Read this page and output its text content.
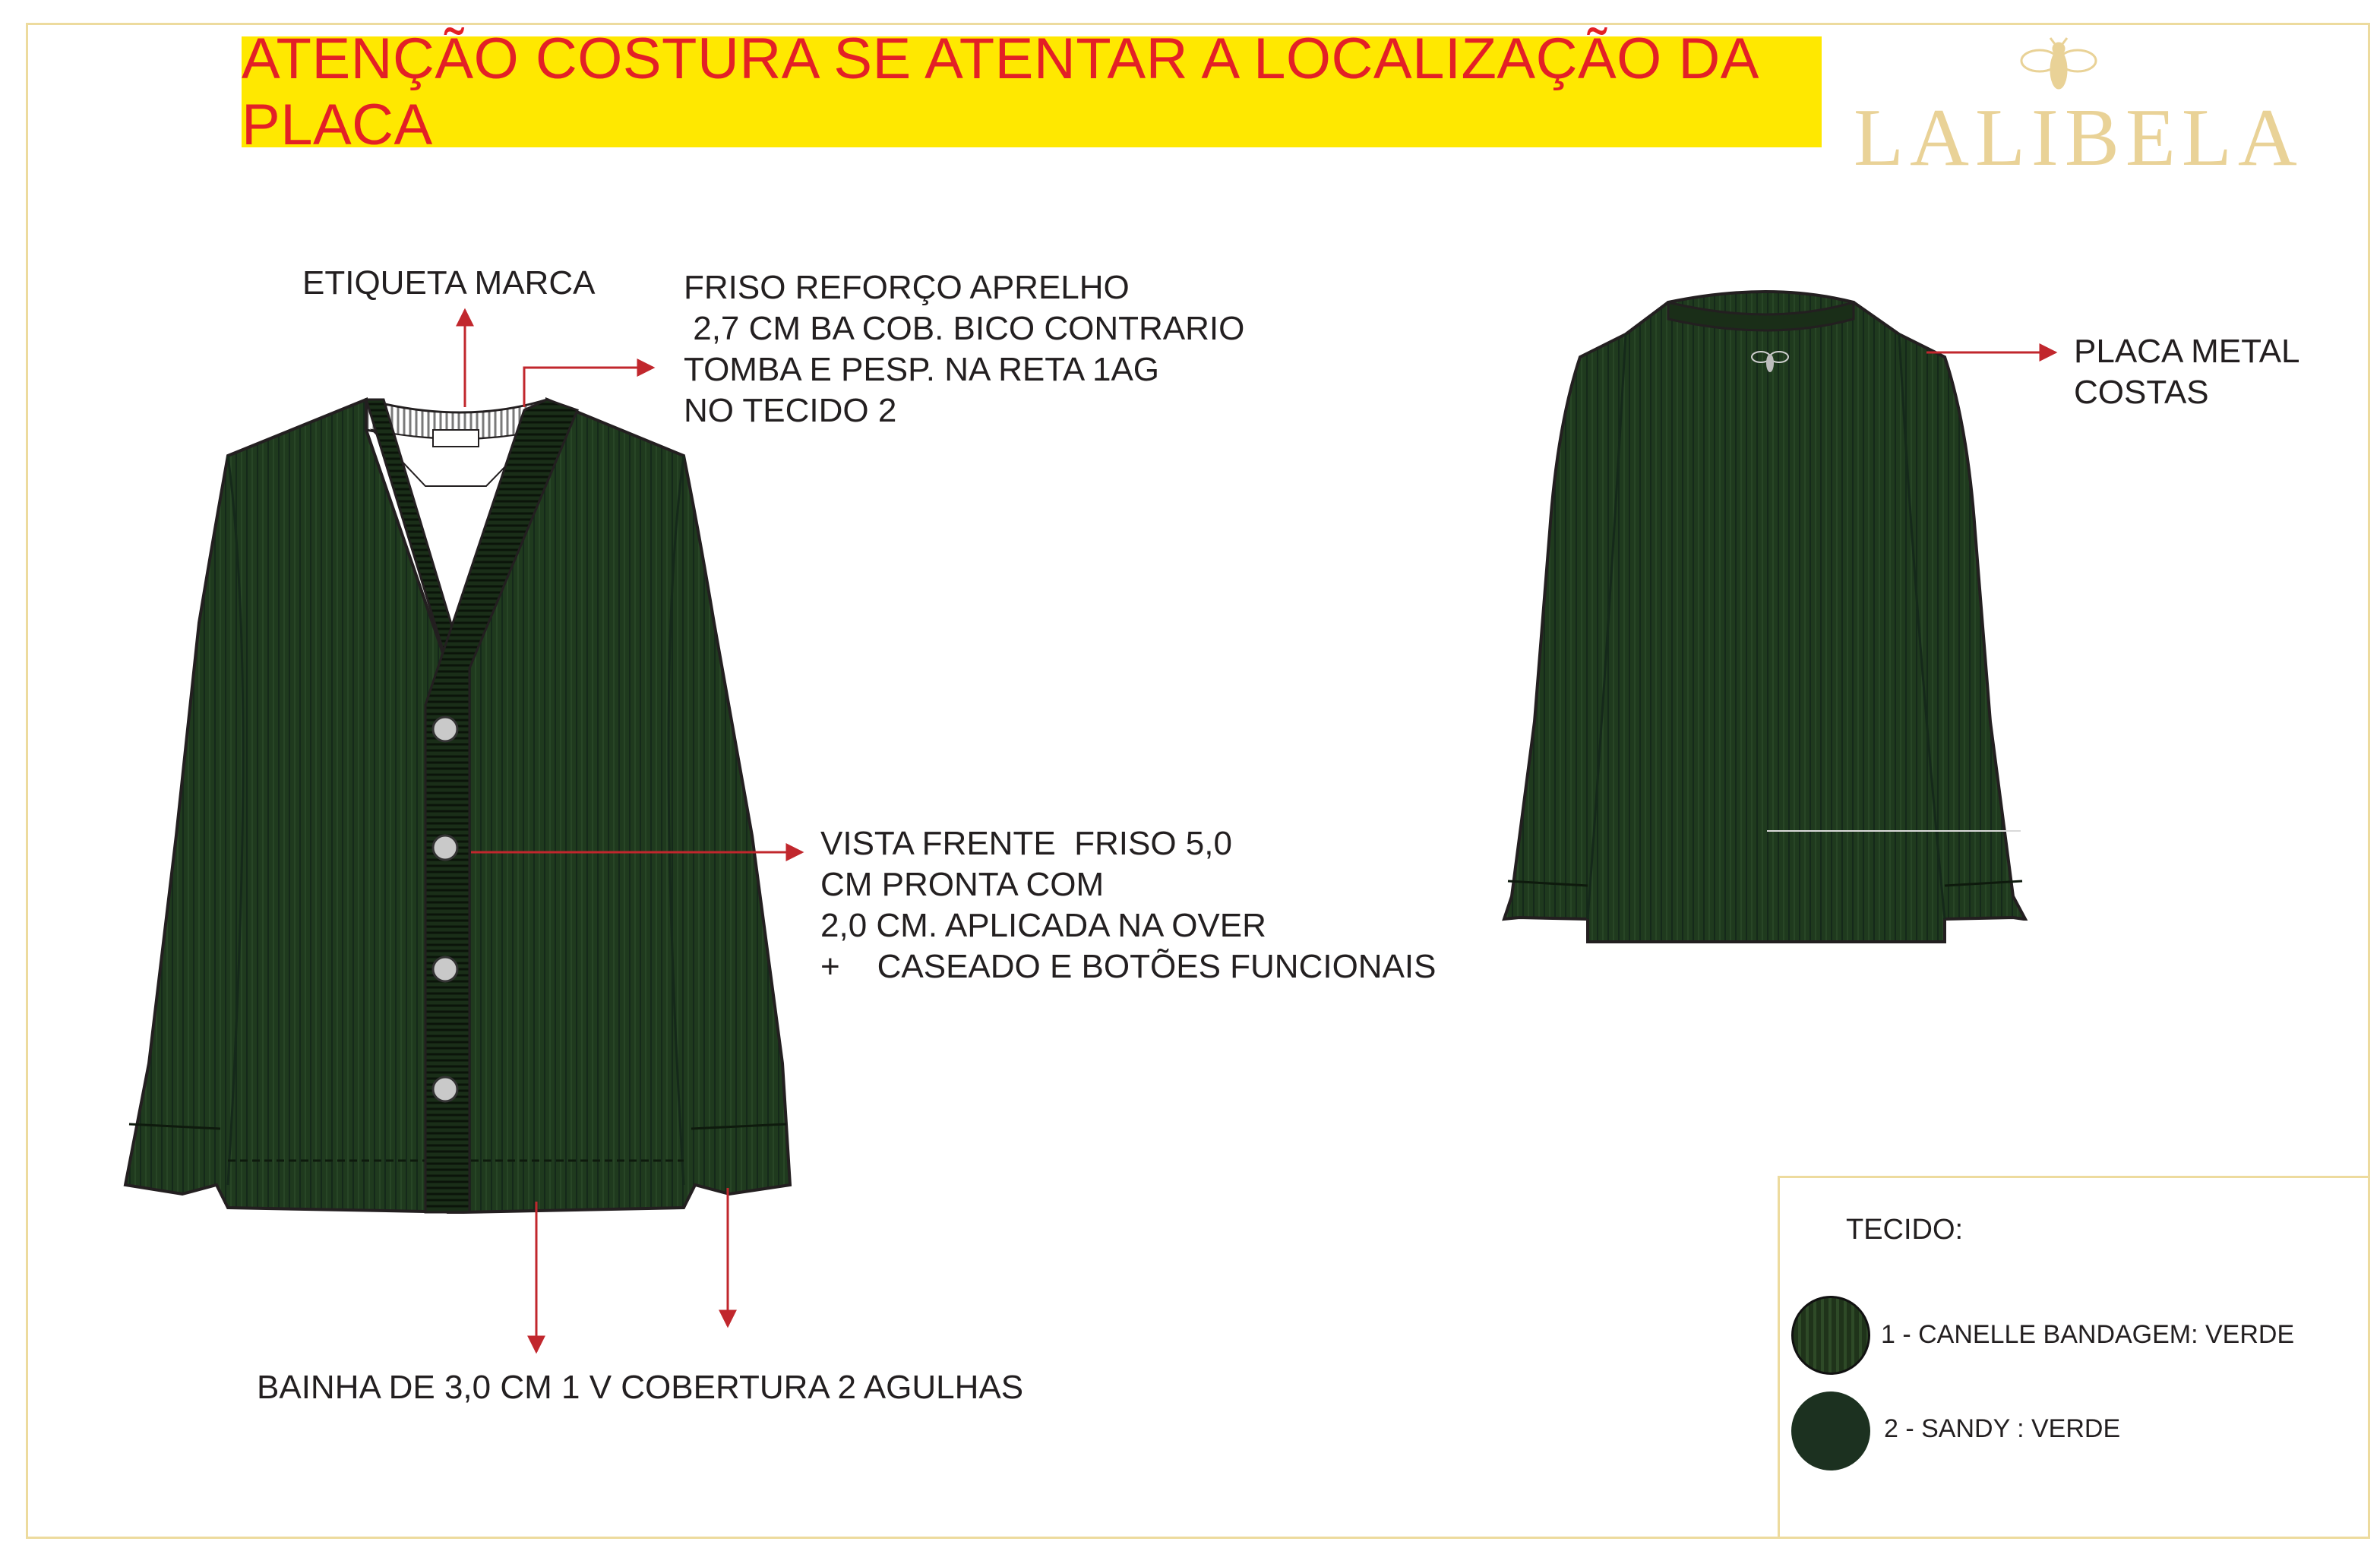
ATENÇÃO COSTURA SE ATENTAR A LOCALIZAÇÃO DA PLACA	LALIBELA
ETIQUETA MARCA	FRISO REFORÇO APRELHO
2,7 CM BA COB. BICO CONTRARIO
TOMBA E PESP. NA RETA 1AG
NO TECIDO 2
VISTA FRENTE  FRISO 5,0
CM PRONTA COM
2,0 CM. APLICADA NA OVER
+    CASEADO E BOTÕES FUNCIONAIS
BAINHA DE 3,0 CM 1 V COBERTURA 2 AGULHAS
PLACA METAL
COSTAS
TECIDO:
1 - CANELLE BANDAGEM: VERDE
2 - SANDY : VERDE
